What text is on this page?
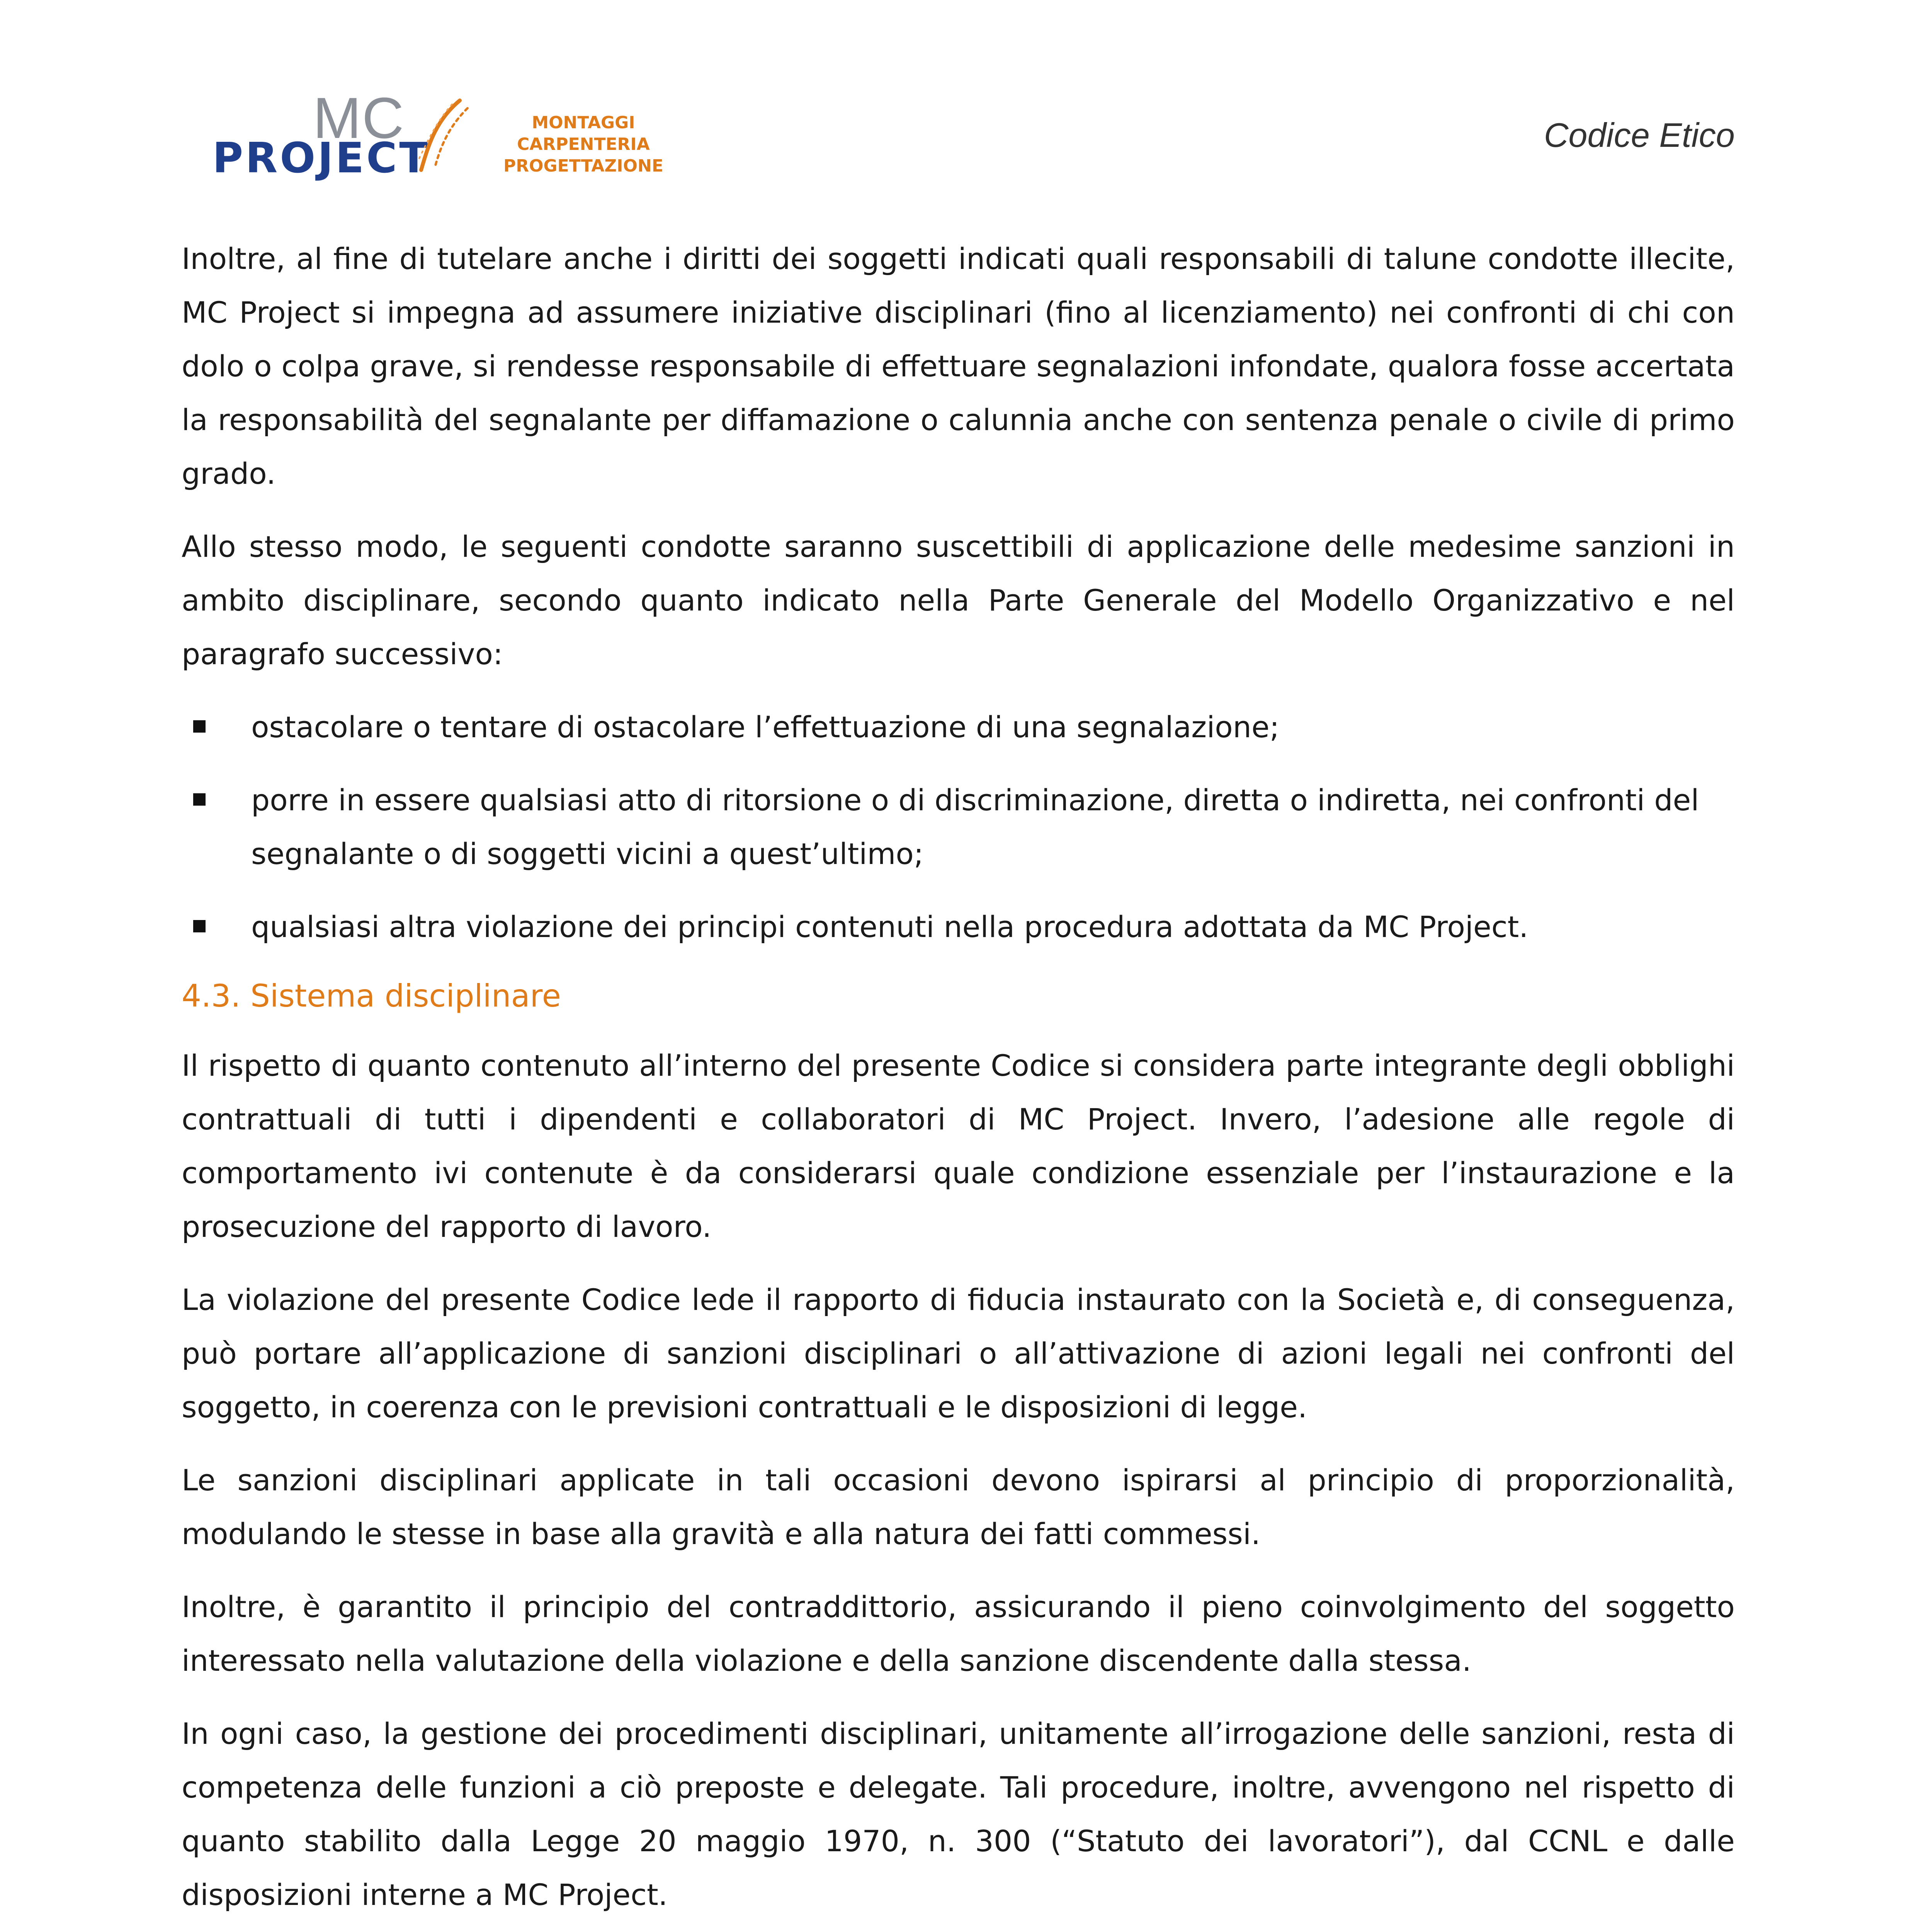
MC
PROJECT
MONTAGGI
CARPENTERIA
PROGETTAZIONE
Codice Etico

Inoltre, al fine di tutelare anche i diritti dei soggetti indicati quali responsabili di talune condotte illecite, MC Project si impegna ad assumere iniziative disciplinari (fino al licenziamento) nei confronti di chi con dolo o colpa grave, si rendesse responsabile di effettuare segnalazioni infondate, qualora fosse accertata la responsabilità del segnalante per diffamazione o calunnia anche con sentenza penale o civile di primo grado.

Allo stesso modo, le seguenti condotte saranno suscettibili di applicazione delle medesime sanzioni in ambito disciplinare, secondo quanto indicato nella Parte Generale del Modello Organizzativo e nel paragrafo successivo:

ostacolare o tentare di ostacolare l’effettuazione di una segnalazione;
porre in essere qualsiasi atto di ritorsione o di discriminazione, diretta o indiretta, nei confronti del segnalante o di soggetti vicini a quest’ultimo;
qualsiasi altra violazione dei principi contenuti nella procedura adottata da MC Project.
4.3. Sistema disciplinare

Il rispetto di quanto contenuto all’interno del presente Codice si considera parte integrante degli obblighi contrattuali di tutti i dipendenti e collaboratori di MC Project. Invero, l’adesione alle regole di comportamento ivi contenute è da considerarsi quale condizione essenziale per l’instaurazione e la prosecuzione del rapporto di lavoro.

La violazione del presente Codice lede il rapporto di fiducia instaurato con la Società e, di conseguenza, può portare all’applicazione di sanzioni disciplinari o all’attivazione di azioni legali nei confronti del soggetto, in coerenza con le previsioni contrattuali e le disposizioni di legge.

Le sanzioni disciplinari applicate in tali occasioni devono ispirarsi al principio di proporzionalità, modulando le stesse in base alla gravità e alla natura dei fatti commessi.

Inoltre, è garantito il principio del contraddittorio, assicurando il pieno coinvolgimento del soggetto interessato nella valutazione della violazione e della sanzione discendente dalla stessa.

In ogni caso, la gestione dei procedimenti disciplinari, unitamente all’irrogazione delle sanzioni, resta di competenza delle funzioni a ciò preposte e delegate. Tali procedure, inoltre, avvengono nel rispetto di quanto stabilito dalla Legge 20 maggio 1970, n. 300 (“Statuto dei lavoratori”), dal CCNL e dalle disposizioni interne a MC Project.
